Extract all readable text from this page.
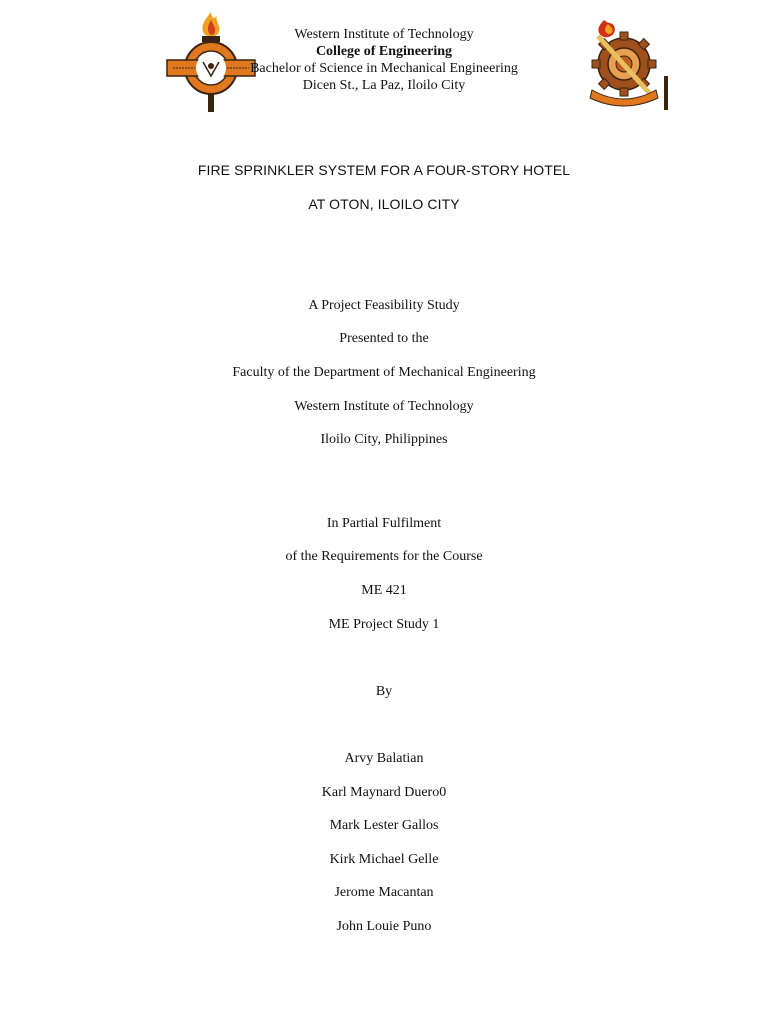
Western Institute of Technology
College of Engineering
Bachelor of Science in Mechanical Engineering
Dicen St., La Paz, Iloilo City
FIRE SPRINKLER SYSTEM FOR A FOUR-STORY HOTEL
AT OTON, ILOILO CITY
A Project Feasibility Study
Presented to the
Faculty of the Department of Mechanical Engineering
Western Institute of Technology
Iloilo City, Philippines
In Partial Fulfilment
of the Requirements for the Course
ME 421
ME Project Study 1
By
Arvy Balatian
Karl Maynard Duero0
Mark Lester Gallos
Kirk Michael Gelle
Jerome Macantan
John Louie Puno
